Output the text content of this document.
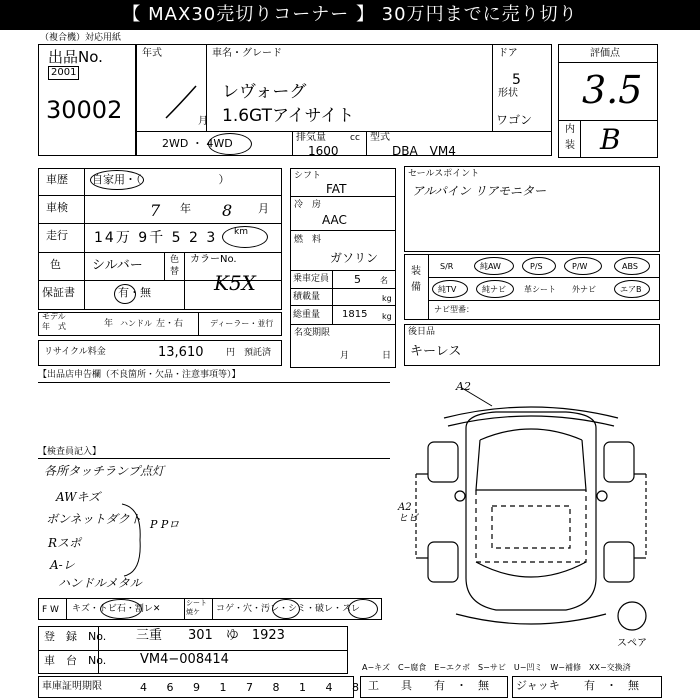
【 MAX30売切りコーナー 】 30万円までに売り切り
（複合機）対応用紙
出品No.
2001
30002
年式
月
車名・グレード
レヴォーグ
1.6GTアイサイト
ドア
5
形状
ワゴン
2WD ・ 4WD	排気量	cc
1600
型式
DBA　VM4
評価点
3.5
内
装 B
車歴 自家用・（　　　　　　　）
車検	7 年 8 月
走行 14万 9千 5 2 3 km
色 シルバー	色
替
カラーNo.
K5X
保証書	有・無
モデル
年　式	年 ハンドル 左・右	ディーラー・並行
リサイクル料金	13,610	円 預託済
シフト
FAT
冷　房
AAC
燃　料
ガソリン
乗車定員 5 名
積載量	kg
総重量 1815 kg
名変期限
月	日
セールスポイント
アルパイン リアモニター
装
備
S/R	純AW	P/S	P/W	ABS
純TV	純ナビ 革シート 外ナビ	エアB
ナビ型番：
後日品
キーレス
【出品店申告欄（不良箇所・欠品・注意事項等）】
【検査員記入】
各所タッチランプ点灯
AWキズ
ボンネットダクト
Rスポ
A-レ
ハンドルメタル
P Pロ
A2
A2 ヒビ
スペア
F W キズ・トビ石・割レ✕
シート焼ケ	コゲ・穴・汚レ・シミ・破レ・スレ
登　録　No. 三重　　301　ゆ　1923
車　台　No.	VM4−008414
A−キズ　C−腐食　E−エクボ　S−サビ　U−凹ミ　W−補修　XX−交換済
車庫証明期限	4 6 9 1 7 8 1 4 8 工　　具 有　・　無 ジャッキ 有　・　無
